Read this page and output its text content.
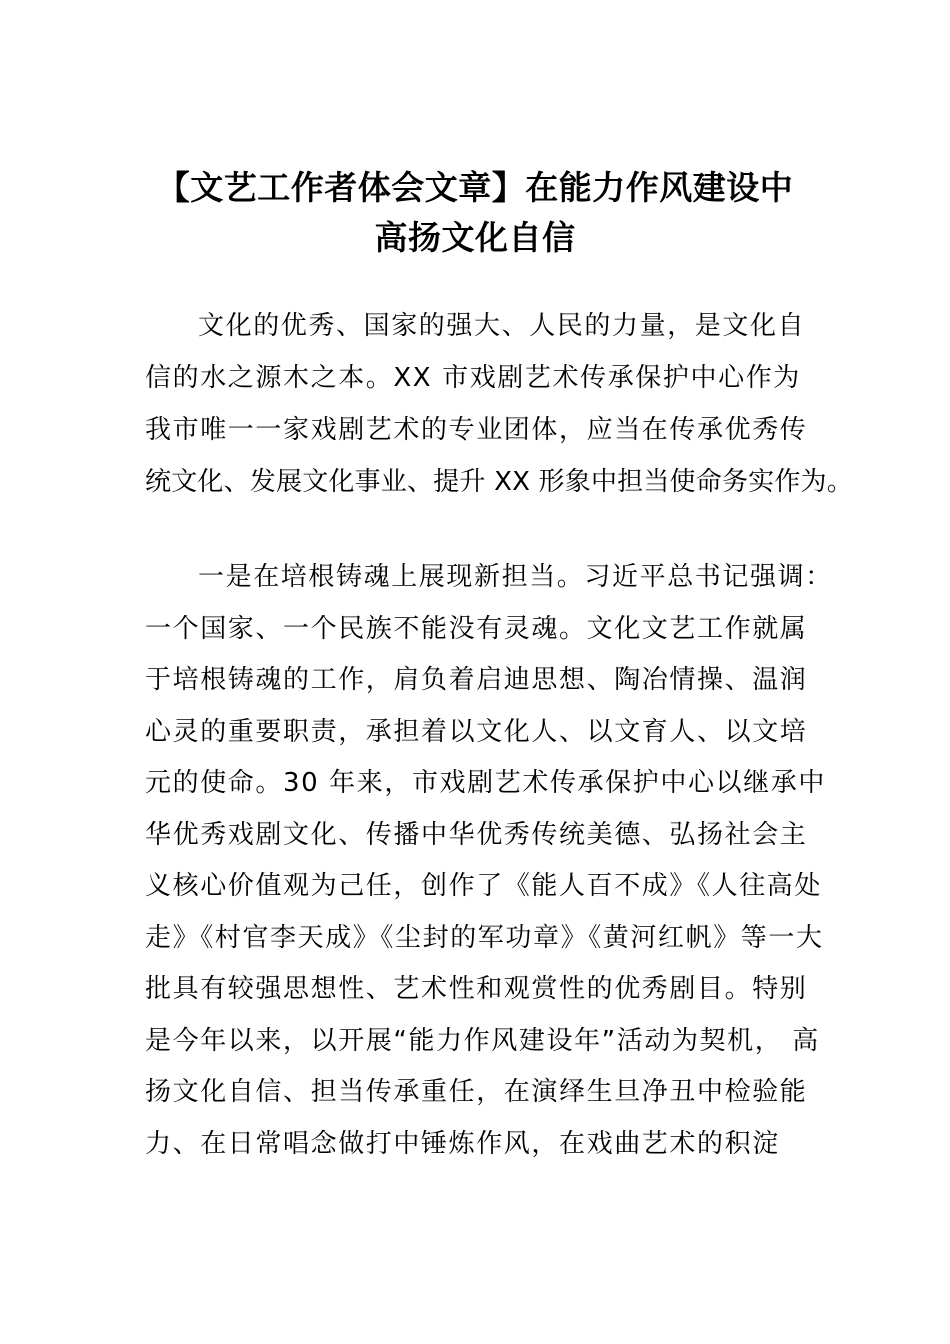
【文艺工作者体会文章】在能力作风建设中
高扬文化自信
文化的优秀、国家的强大、人民的力量，是文化自
信的水之源木之本。XX 市戏剧艺术传承保护中心作为
我市唯一一家戏剧艺术的专业团体，应当在传承优秀传
统文化、发展文化事业、提升 XX 形象中担当使命务实作为。
一是在培根铸魂上展现新担当。习近平总书记强调：
一个国家、一个民族不能没有灵魂。文化文艺工作就属
于培根铸魂的工作，肩负着启迪思想、陶冶情操、温润
心灵的重要职责，承担着以文化人、以文育人、以文培
元的使命。30 年来，市戏剧艺术传承保护中心以继承中
华优秀戏剧文化、传播中华优秀传统美德、弘扬社会主
义核心价值观为己任，创作了《能人百不成》《人往高处
走》《村官李天成》《尘封的军功章》《黄河红帆》等一大
批具有较强思想性、艺术性和观赏性的优秀剧目。特别
是今年以来，以开展“能力作风建设年”活动为契机， 高
扬文化自信、担当传承重任，在演绎生旦净丑中检验能
力、在日常唱念做打中锤炼作风，在戏曲艺术的积淀
